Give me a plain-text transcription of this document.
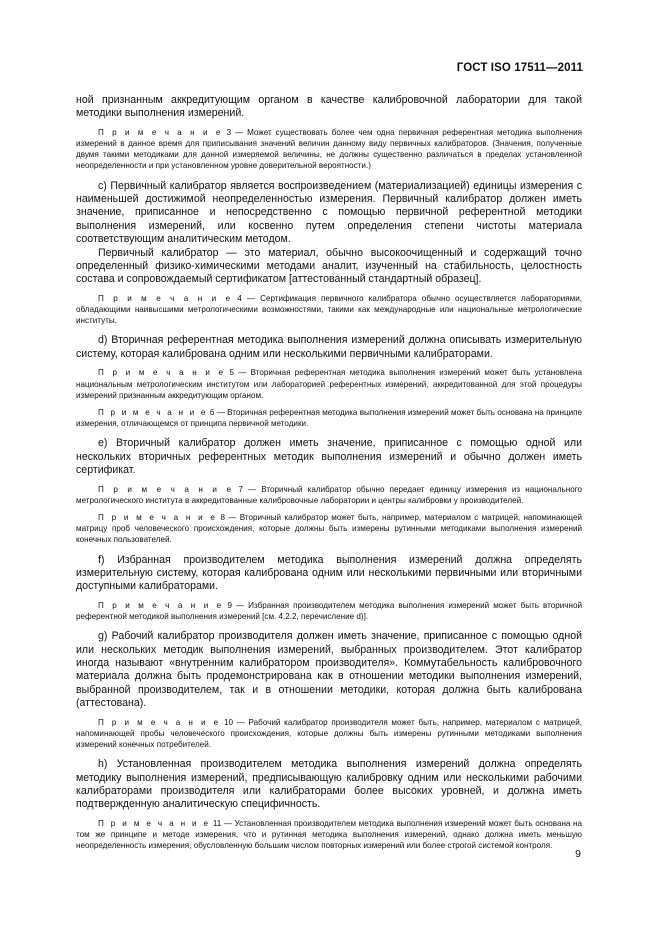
ГОСТ ISO 17511—2011

ной признанным аккредитующим органом в качестве калибровочной лаборатории для такой методики выполнения измерений.

П р и м е ч а н и е 3 — Может существовать более чем одна первичная референтная методика выполнения измерений в данное время для приписывания значений величин данному виду первичных калибраторов. (Значения, полученные двумя такими методиками для данной измеряемой величины, не должны существенно различаться в пределах установленной неопределенности и при установленном уровне доверительной вероятности.)

c) Первичный калибратор является воспроизведением (материализацией) единицы измерения с наименьшей достижимой неопределенностью измерения. Первичный калибратор должен иметь значение, приписанное и непосредственно с помощью первичной референтной методики выполнения измерений, или косвенно путем определения степени чистоты материала соответствующим аналитическим методом.

Первичный калибратор — это материал, обычно высокоочищенный и содержащий точно определенный физико-химическими методами аналит, изученный на стабильность, целостность состава и сопровождаемый сертификатом [аттестованный стандартный образец].

П р и м е ч а н и е 4 — Сертификация первичного калибратора обычно осуществляется лабораториями, обладающими наивысшими метрологическими возможностями, такими как международные или национальные метрологические институты.

d) Вторичная референтная методика выполнения измерений должна описывать измерительную систему, которая калибрована одним или несколькими первичными калибраторами.

П р и м е ч а н и е 5 — Вторичная референтная методика выполнения измерений может быть установлена национальным метрологическим институтом или лабораторией референтных измерений, аккредитованной для этой процедуры измерений признанным аккредитующим органом.

П р и м е ч а н и е 6 — Вторичная референтная методика выполнения измерений может быть основана на принципе измерения, отличающемся от принципа первичной методики.

e) Вторичный калибратор должен иметь значение, приписанное с помощью одной или нескольких вторичных референтных методик выполнения измерений и обычно должен иметь сертификат.

П р и м е ч а н и е 7 — Вторичный калибратор обычно передает единицу измерения из национального метрологического института в аккредитованные калибровочные лаборатории и центры калибровки у производителей.

П р и м е ч а н и е 8 — Вторичный калибратор может быть, например, материалом с матрицей, напоминающей матрицу проб человеческого происхождения, которые должны быть измерены рутинными методиками выполнения измерений конечных пользователей.

f) Избранная производителем методика выполнения измерений должна определять измерительную систему, которая калибрована одним или несколькими первичными или вторичными доступными калибраторами.

П р и м е ч а н и е 9 — Избранная производителем методика выполнения измерений может быть вторичной референтной методикой выполнения измерений [см. 4.2.2, перечисление d)].

g) Рабочий калибратор производителя должен иметь значение, приписанное с помощью одной или нескольких методик выполнения измерений, выбранных производителем. Этот калибратор иногда называют «внутренним калибратором производителя». Коммутабельность калибровочного материала должна быть продемонстрирована как в отношении методики выполнения измерений, выбранной производителем, так и в отношении методики, которая должна быть калибрована (аттестована).

П р и м е ч а н и е 10 — Рабочий калибратор производителя может быть, например, материалом с матрицей, напоминающей пробы человеческого происхождения, которые должны быть измерены рутинными методиками выполнения измерений конечных потребителей.

h) Установленная производителем методика выполнения измерений должна определять методику выполнения измерений, предписывающую калибровку одним или несколькими рабочими калибраторами производителя или калибраторами более высоких уровней, и должна иметь подтвержденную аналитическую специфичность.

П р и м е ч а н и е 11 — Установленная производителем методика выполнения измерений может быть основана на том же принципе и методе измерения, что и рутинная методика выполнения измерений, однако должна иметь меньшую неопределенность измерения, обусловленную большим числом повторных измерений или более строгой системой контроля.

9
